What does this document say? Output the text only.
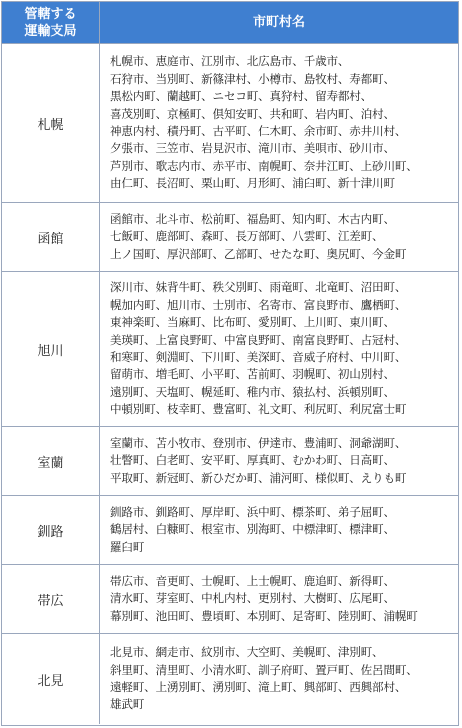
管轄する
運輸支局
市町村名
札幌
札幌市、恵庭市、江別市、北広島市、千歳市、
石狩市、当別町、新篠津村、小樽市、島牧村、寿都町、
黒松内町、蘭越町、ニセコ町、真狩村、留寿都村、
喜茂別町、京極町、倶知安町、共和町、岩内町、泊村、
神恵内村、積丹町、古平町、仁木町、余市町、赤井川村、
夕張市、三笠市、岩見沢市、滝川市、美唄市、砂川市、
芦別市、歌志内市、赤平市、南幌町、奈井江町、上砂川町、
由仁町、長沼町、栗山町、月形町、浦臼町、新十津川町
函館
函館市、北斗市、松前町、福島町、知内町、木古内町、
七飯町、鹿部町、森町、長万部町、八雲町、江差町、
上ノ国町、厚沢部町、乙部町、せたな町、奥尻町、今金町
旭川
深川市、妹背牛町、秩父別町、雨竜町、北竜町、沼田町、
幌加内町、旭川市、士別市、名寄市、富良野市、鷹栖町、
東神楽町、当麻町、比布町、愛別町、上川町、東川町、
美瑛町、上富良野町、中富良野町、南富良野町、占冠村、
和寒町、剣淵町、下川町、美深町、音威子府村、中川町、
留萌市、増毛町、小平町、苫前町、羽幌町、初山別村、
遠別町、天塩町、幌延町、稚内市、猿払村、浜頓別町、
中頓別町、枝幸町、豊富町、礼文町、利尻町、利尻富士町
室蘭
室蘭市、苫小牧市、登別市、伊達市、豊浦町、洞爺湖町、
壮瞥町、白老町、安平町、厚真町、むかわ町、日高町、
平取町、新冠町、新ひだか町、浦河町、様似町、えりも町
釧路
釧路市、釧路町、厚岸町、浜中町、標茶町、弟子屈町、
鶴居村、白糠町、根室市、別海町、中標津町、標津町、
羅臼町
帯広
帯広市、音更町、士幌町、上士幌町、鹿追町、新得町、
清水町、芽室町、中札内村、更別村、大樹町、広尾町、
幕別町、池田町、豊頃町、本別町、足寄町、陸別町、浦幌町
北見
北見市、網走市、紋別市、大空町、美幌町、津別町、
斜里町、清里町、小清水町、訓子府町、置戸町、佐呂間町、
遠軽町、上湧別町、湧別町、滝上町、興部町、西興部村、
雄武町
